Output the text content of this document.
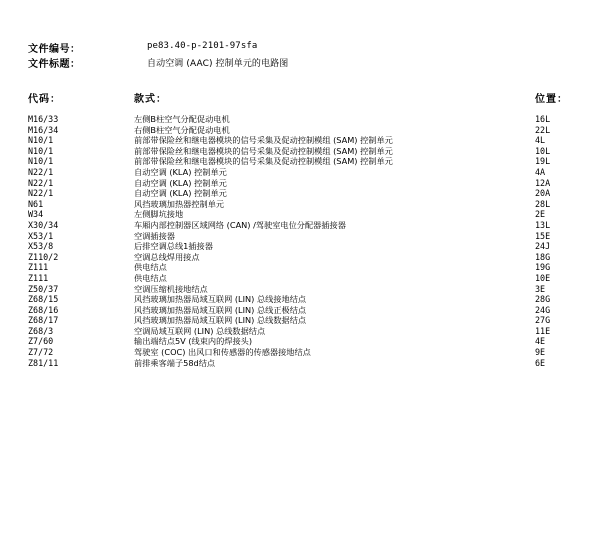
文件编号：	pe83.40-p-2101-97sfa
文件标题：	自动空调 (AAC) 控制单元的电路图
代码：	款式：	位置：
M16/33	左侧B柱空气分配促动电机	16L
M16/34	右侧B柱空气分配促动电机	22L
N10/1	前部带保险丝和继电器模块的信号采集及促动控制模组 (SAM) 控制单元	4L
N10/1	前部带保险丝和继电器模块的信号采集及促动控制模组 (SAM) 控制单元	10L
N10/1	前部带保险丝和继电器模块的信号采集及促动控制模组 (SAM) 控制单元	19L
N22/1	自动空调 (KLA) 控制单元	4A
N22/1	自动空调 (KLA) 控制单元	12A
N22/1	自动空调 (KLA) 控制单元	20A
N61	风挡玻璃加热器控制单元	28L
W34	左侧脚坑接地	2E
X30/34	车厢内部控制器区域网络 (CAN) /驾驶室电位分配器插接器	13L
X53/1	空调插接器	15E
X53/8	后排空调总线1插接器	24J
Z110/2	空调总线焊用接点	18G
Z111	供电结点	19G
Z111	供电结点	10E
Z50/37	空调压缩机接地结点	3E
Z68/15	风挡玻璃加热器局域互联网 (LIN) 总线接地结点	28G
Z68/16	风挡玻璃加热器局域互联网 (LIN) 总线正极结点	24G
Z68/17	风挡玻璃加热器局域互联网 (LIN) 总线数据结点	27G
Z68/3	空调局域互联网 (LIN) 总线数据结点	11E
Z7/60	输出端结点5V (线束内的焊接头)	4E
Z7/72	驾驶室 (COC) 出风口和传感器的传感器接地结点	9E
Z81/11	前排乘客端子58d结点	6E
